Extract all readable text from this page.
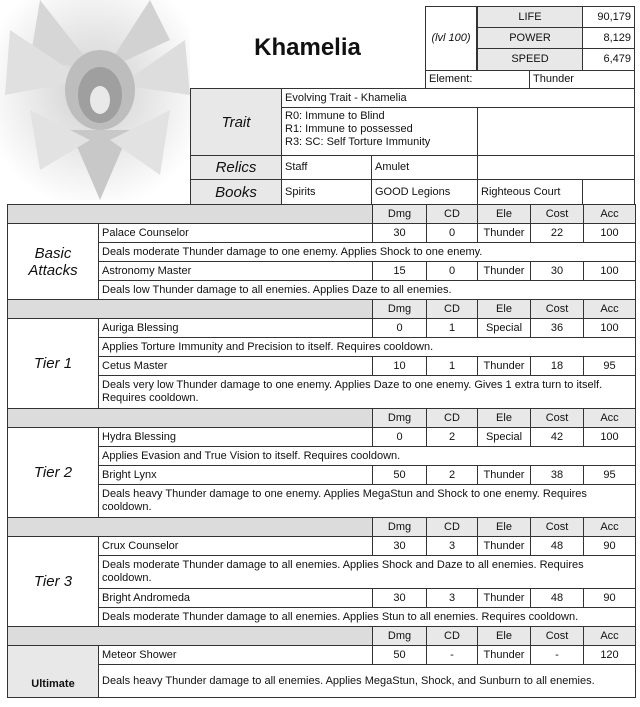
Khamelia	(lvl 100)
LIFE	90,179
POWER	8,129
SPEED	6,479
Element:	Thunder
Trait
Evolving Trait - Khamelia
R0: Immune to Blind
R1: Immune to possessed
R3: SC: Self Torture Immunity
Relics	Staff	Amulet
Books	Spirits	GOOD Legions	Righteous Court
Dmg	CD	Ele	Cost	Acc
Palace Counselor	30	0	Thunder	22	100
Deals moderate Thunder damage to one enemy. Applies Shock to one enemy.
Astronomy Master	15	0	Thunder	30	100
Deals low Thunder damage to all enemies. Applies Daze to all enemies.
Basic
Attacks
Dmg	CD	Ele	Cost	Acc
Auriga Blessing	0	1	Special	36	100
Applies Torture Immunity and Precision to itself. Requires cooldown.
Cetus Master	10	1	Thunder	18	95
Deals very low Thunder damage to one enemy. Applies Daze to one enemy. Gives 1 extra turn to itself. Requires cooldown.
Tier 1
Dmg	CD	Ele	Cost	Acc
Hydra Blessing	0	2	Special	42	100
Applies Evasion and True Vision to itself. Requires cooldown.
Bright Lynx	50	2	Thunder	38	95
Deals heavy Thunder damage to one enemy. Applies MegaStun and Shock to one enemy. Requires cooldown.
Tier 2
Dmg	CD	Ele	Cost	Acc
Crux Counselor	30	3	Thunder	48	90
Deals moderate Thunder damage to all enemies. Applies Shock and Daze to all enemies. Requires cooldown.
Bright Andromeda	30	3	Thunder	48	90
Deals moderate Thunder damage to all enemies. Applies Stun to all enemies. Requires cooldown.
Tier 3
Dmg	CD	Ele	Cost	Acc
Meteor Shower	50	-	Thunder	-	120
Deals heavy Thunder damage to all enemies. Applies MegaStun, Shock, and Sunburn to all enemies.
Ultimate
